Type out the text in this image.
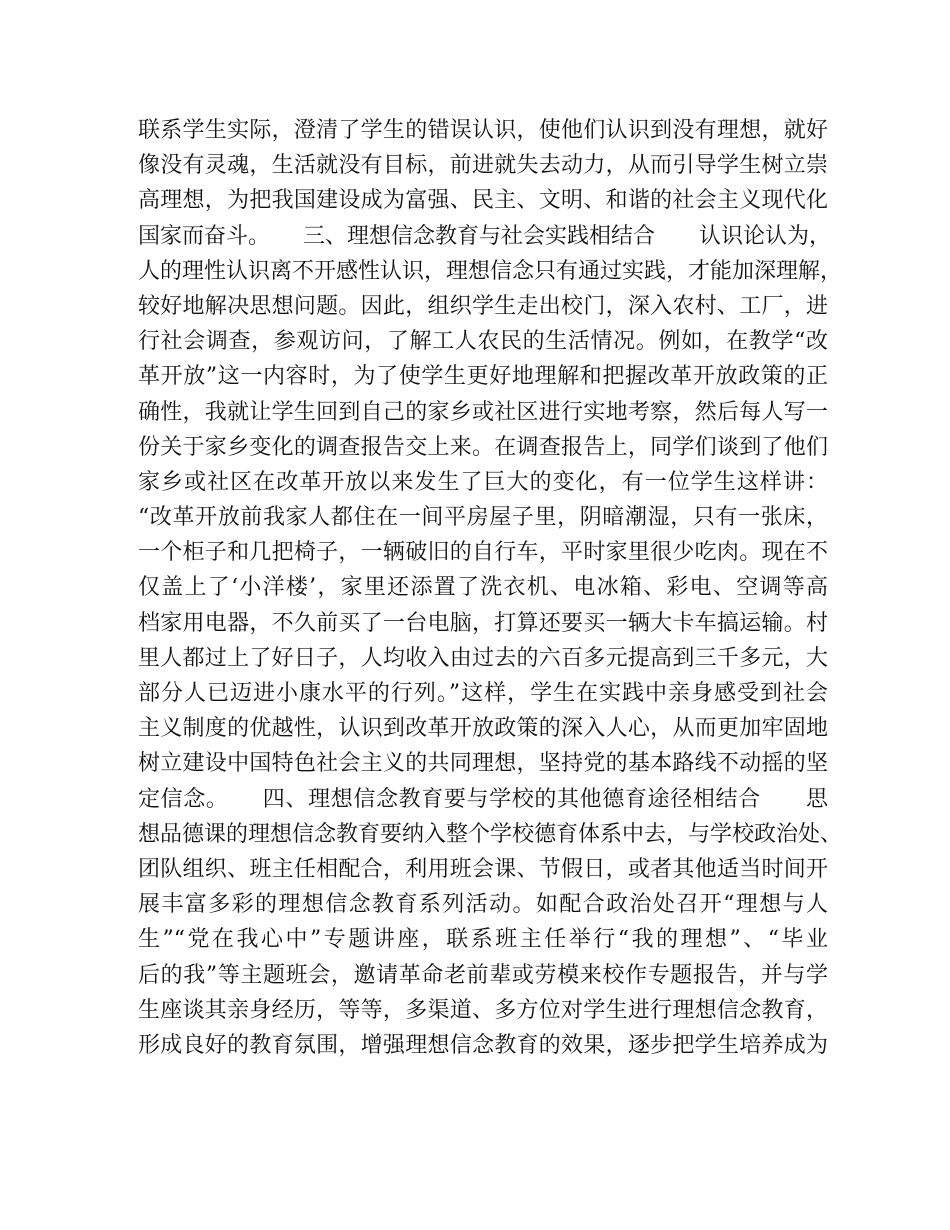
联系学生实际，澄清了学生的错误认识，使他们认识到没有理想，就好
像没有灵魂，生活就没有目标，前进就失去动力，从而引导学生树立崇
高理想，为把我国建设成为富强、民主、文明、和谐的社会主义现代化
国家而奋斗。　　三、理想信念教育与社会实践相结合　　认识论认为，
人的理性认识离不开感性认识，理想信念只有通过实践，才能加深理解，
较好地解决思想问题。因此，组织学生走出校门，深入农村、工厂，进
行社会调查，参观访问，了解工人农民的生活情况。例如，在教学“改
革开放”这一内容时，为了使学生更好地理解和把握改革开放政策的正
确性，我就让学生回到自己的家乡或社区进行实地考察，然后每人写一
份关于家乡变化的调查报告交上来。在调查报告上，同学们谈到了他们
家乡或社区在改革开放以来发生了巨大的变化，有一位学生这样讲：
“改革开放前我家人都住在一间平房屋子里，阴暗潮湿，只有一张床，
一个柜子和几把椅子，一辆破旧的自行车，平时家里很少吃肉。现在不
仅盖上了‘小洋楼’，家里还添置了洗衣机、电冰箱、彩电、空调等高
档家用电器，不久前买了一台电脑，打算还要买一辆大卡车搞运输。村
里人都过上了好日子，人均收入由过去的六百多元提高到三千多元，大
部分人已迈进小康水平的行列。”这样，学生在实践中亲身感受到社会
主义制度的优越性，认识到改革开放政策的深入人心，从而更加牢固地
树立建设中国特色社会主义的共同理想，坚持党的基本路线不动摇的坚
定信念。　　四、理想信念教育要与学校的其他德育途径相结合　　思
想品德课的理想信念教育要纳入整个学校德育体系中去，与学校政治处、
团队组织、班主任相配合，利用班会课、节假日，或者其他适当时间开
展丰富多彩的理想信念教育系列活动。如配合政治处召开“理想与人
生”“党在我心中”专题讲座，联系班主任举行“我的理想”、“毕业
后的我”等主题班会，邀请革命老前辈或劳模来校作专题报告，并与学
生座谈其亲身经历，等等，多渠道、多方位对学生进行理想信念教育，
形成良好的教育氛围，增强理想信念教育的效果，逐步把学生培养成为
